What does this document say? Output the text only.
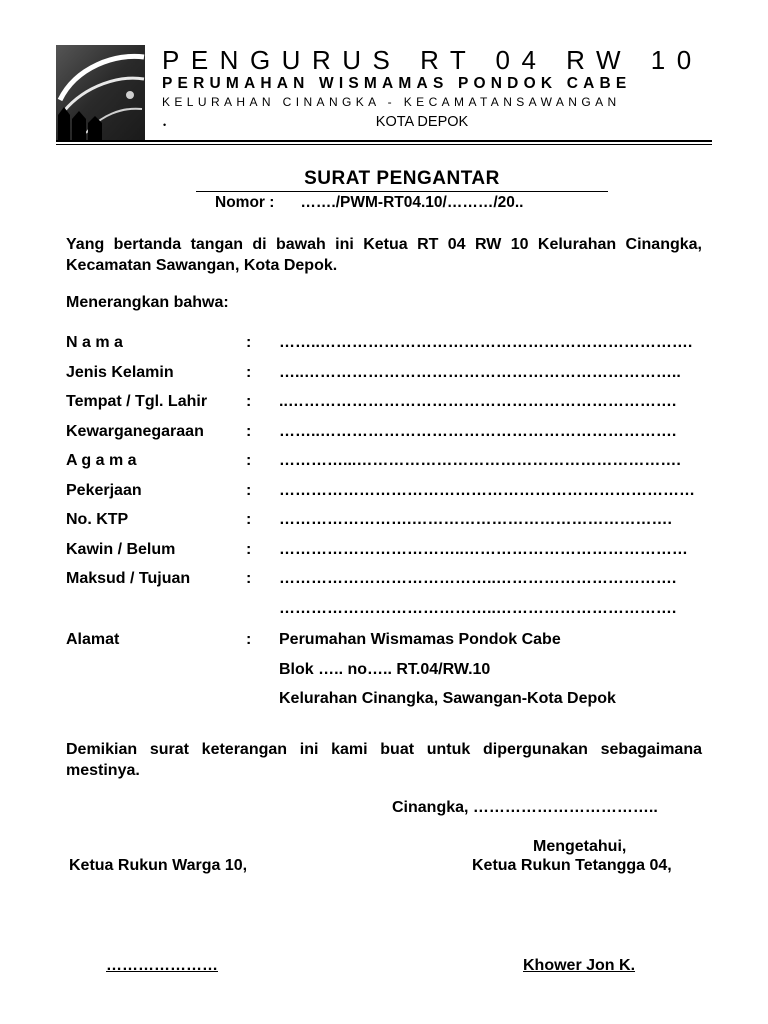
PENGURUS RT 04 RW 10
PERUMAHAN WISMAMAS PONDOK CABE
KELURAHAN CINANGKA - KECAMATANSAWANGAN
•	KOTA DEPOK
SURAT PENGANTAR
Nomor : ……./PWM-RT04.10/………/20..
Yang bertanda tangan di bawah ini Ketua RT 04 RW 10 Kelurahan Cinangka, Kecamatan Sawangan, Kota Depok.
Menerangkan bahwa:
N a m a	: ……..…………………………………………………………….
Jenis Kelamin	: …..……………………………………………………………..
Tempat / Tgl. Lahir : ..……………………………………………………………….
Kewarganegaraan	: ……..………………………………………………………….
A g a m a	: …………...…………………………………………………….
Pekerjaan	: ……………………………………………………………………
No. KTP	: …………………….………………………………………….
Kawin / Belum	: ……………………………..……………………………………
Maksud / Tujuan	: …………………………………..…………………………….
…………………………………..…………………………….
Alamat	: Perumahan Wismamas Pondok Cabe
Blok ….. no….. RT.04/RW.10
Kelurahan Cinangka, Sawangan-Kota Depok
Demikian surat keterangan ini kami buat untuk dipergunakan sebagaimana mestinya.
Cinangka, ……………………………..
Mengetahui,
Ketua Rukun Warga 10,	Ketua Rukun Tetangga 04,
…………………	Khower Jon K.
